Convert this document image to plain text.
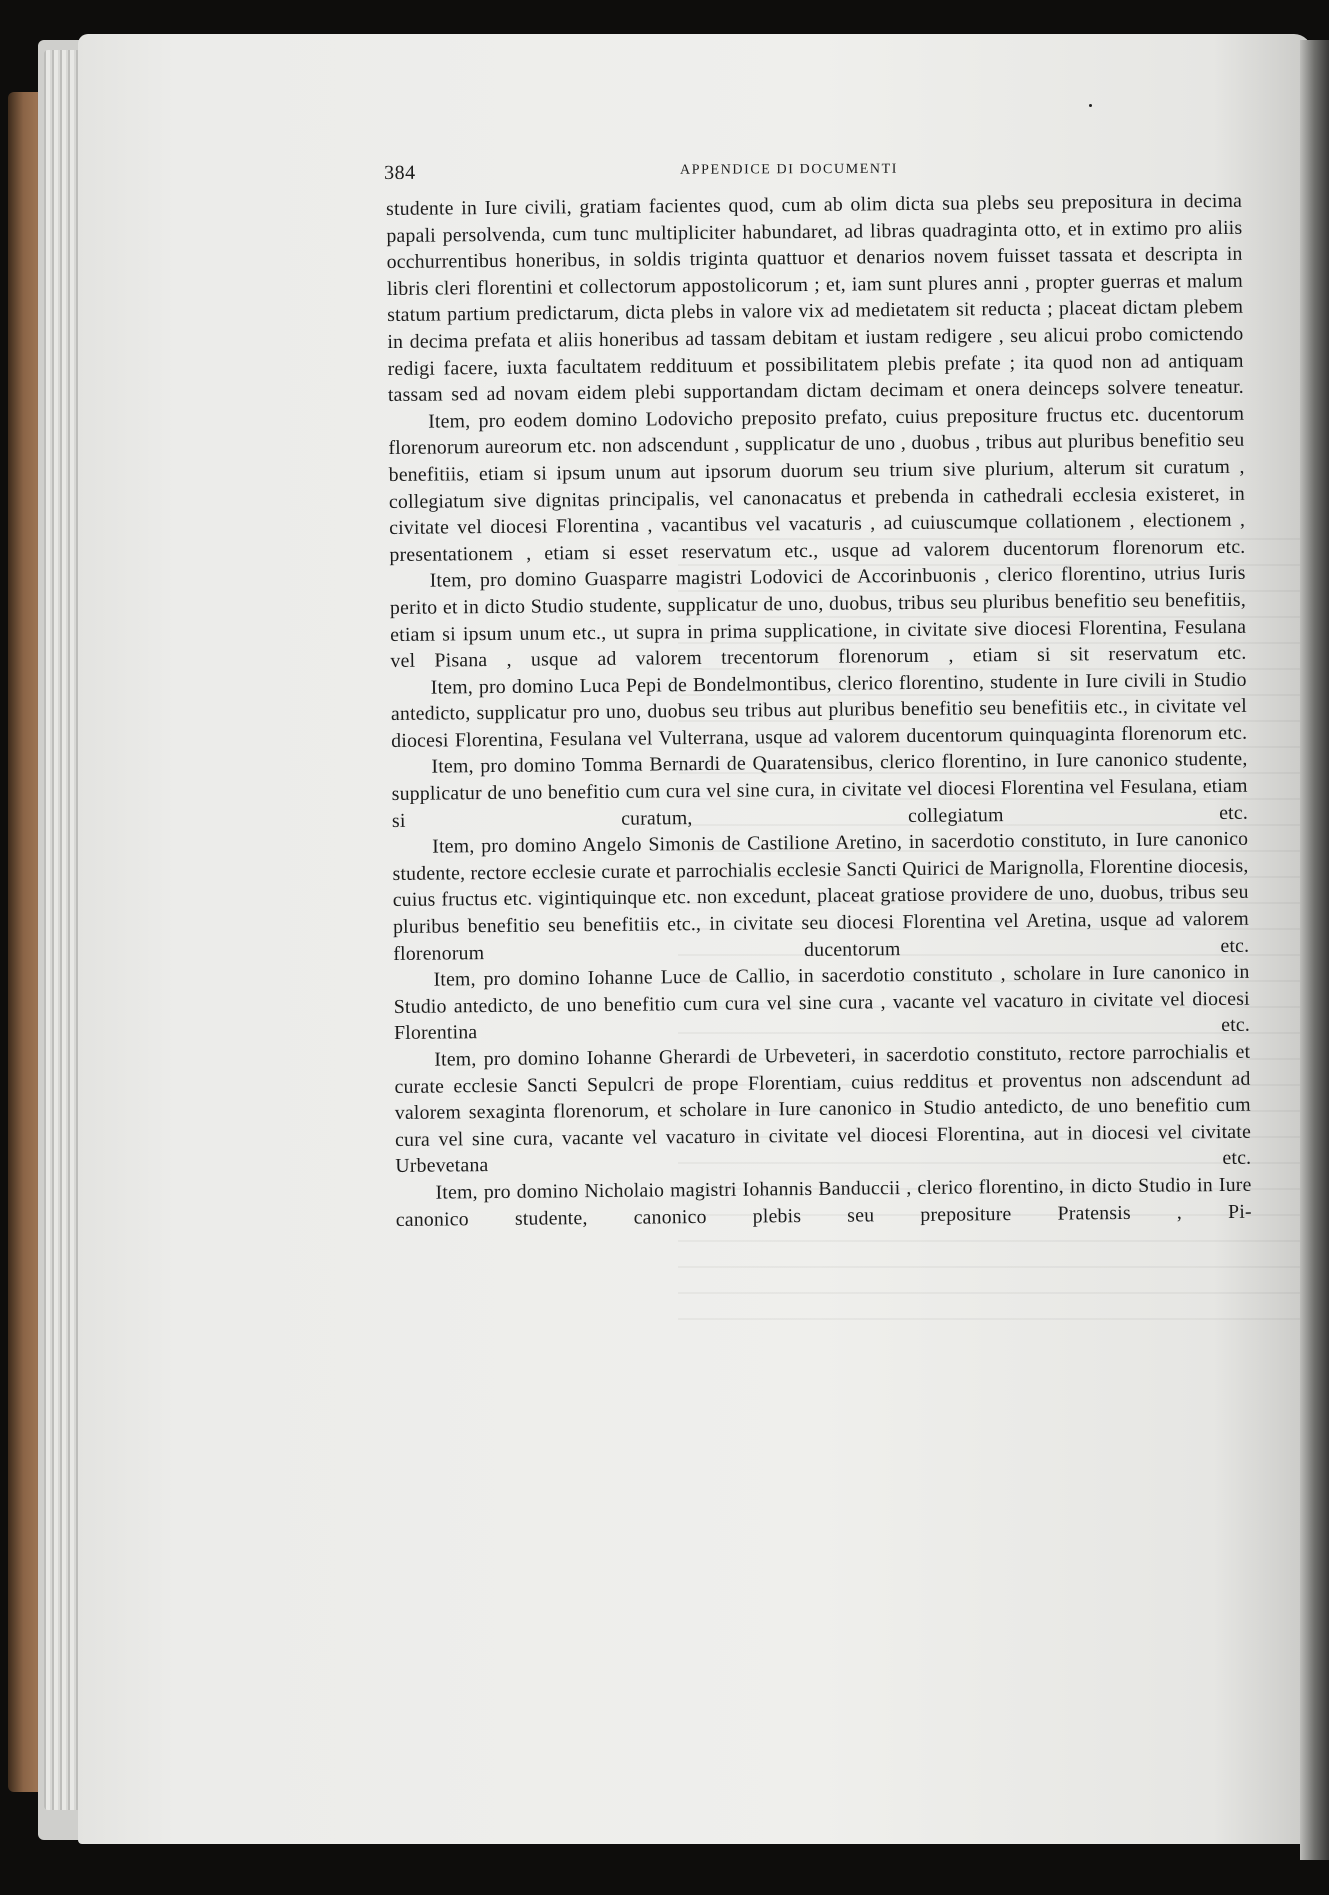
384	APPENDICE DI DOCUMENTI

studente in Iure civili, gratiam facientes quod, cum ab olim dicta sua plebs seu prepositura in decima papali persolvenda, cum tunc multipliciter habundaret, ad libras quadraginta otto, et in extimo pro aliis occhurrentibus honeribus, in soldis triginta quattuor et denarios novem fuisset tassata et descripta in libris cleri florentini et collectorum appostolicorum ; et, iam sunt plures anni , propter guerras et malum statum partium predictarum, dicta plebs in valore vix ad medietatem sit reducta ; placeat dictam plebem in decima prefata et aliis honeribus ad tassam debitam et iustam redigere , seu alicui probo comictendo redigi facere, iuxta facultatem reddituum et possibilitatem plebis prefate ; ita quod non ad antiquam tassam sed ad novam eidem plebi supportandam dictam decimam et onera deinceps solvere teneatur.

Item, pro eodem domino Lodovicho preposito prefato, cuius prepositure fructus etc. ducentorum florenorum aureorum etc. non adscendunt , supplicatur de uno , duobus , tribus aut pluribus benefitio seu benefitiis, etiam si ipsum unum aut ipsorum duorum seu trium sive plurium, alterum sit curatum , collegiatum sive dignitas principalis, vel canonacatus et prebenda in cathedrali ecclesia existeret, in civitate vel diocesi Florentina , vacantibus vel vacaturis , ad cuiuscumque collationem , electionem , presentationem , etiam si esset reservatum etc., usque ad valorem ducentorum florenorum etc.

Item, pro domino Guasparre magistri Lodovici de Accorinbuonis , clerico florentino, utrius Iuris perito et in dicto Studio studente, supplicatur de uno, duobus, tribus seu pluribus benefitio seu benefitiis, etiam si ipsum unum etc., ut supra in prima supplicatione, in civitate sive diocesi Florentina, Fesulana vel Pisana , usque ad valorem trecentorum florenorum , etiam si sit reservatum etc.

Item, pro domino Luca Pepi de Bondelmontibus, clerico florentino, studente in Iure civili in Studio antedicto, supplicatur pro uno, duobus seu tribus aut pluribus benefitio seu benefitiis etc., in civitate vel diocesi Florentina, Fesulana vel Vulterrana, usque ad valorem ducentorum quinquaginta florenorum etc.

Item, pro domino Tomma Bernardi de Quaratensibus, clerico florentino, in Iure canonico studente, supplicatur de uno benefitio cum cura vel sine cura, in civitate vel diocesi Florentina vel Fesulana, etiam si curatum, collegiatum etc.

Item, pro domino Angelo Simonis de Castilione Aretino, in sacerdotio constituto, in Iure canonico studente, rectore ecclesie curate et parrochialis ecclesie Sancti Quirici de Marignolla, Florentine diocesis, cuius fructus etc. vigintiquinque etc. non excedunt, placeat gratiose providere de uno, duobus, tribus seu pluribus benefitio seu benefitiis etc., in civitate seu diocesi Florentina vel Aretina, usque ad valorem florenorum ducentorum etc.

Item, pro domino Iohanne Luce de Callio, in sacerdotio constituto , scholare in Iure canonico in Studio antedicto, de uno benefitio cum cura vel sine cura , vacante vel vacaturo in civitate vel diocesi Florentina etc.

Item, pro domino Iohanne Gherardi de Urbeveteri, in sacerdotio constituto, rectore parrochialis et curate ecclesie Sancti Sepulcri de prope Florentiam, cuius redditus et proventus non adscendunt ad valorem sexaginta florenorum, et scholare in Iure canonico in Studio antedicto, de uno benefitio cum cura vel sine cura, vacante vel vacaturo in civitate vel diocesi Florentina, aut in diocesi vel civitate Urbevetana etc.

Item, pro domino Nicholaio magistri Iohannis Banduccii , clerico florentino, in dicto Studio in Iure canonico studente, canonico plebis seu prepositure Pratensis , Pi-
